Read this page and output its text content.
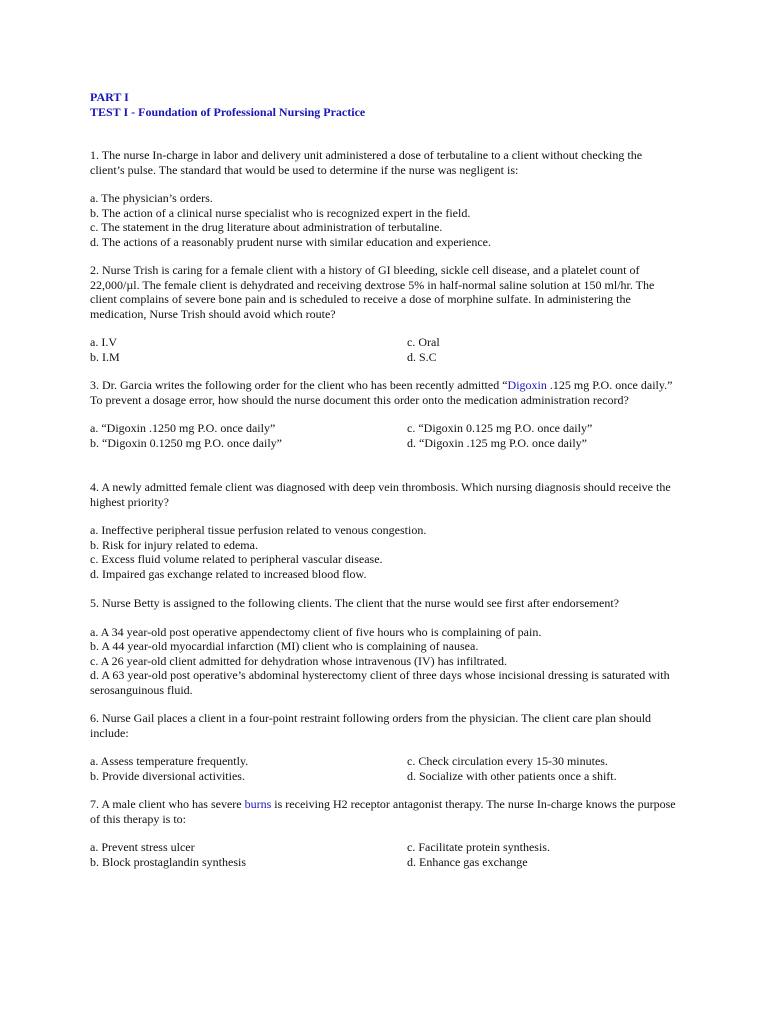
PART I
TEST I - Foundation of Professional Nursing Practice

1. The nurse In-charge in labor and delivery unit administered a dose of terbutaline to a client without checking the client’s pulse. The standard that would be used to determine if the nurse was negligent is:

a. The physician’s orders.
b. The action of a clinical nurse specialist who is recognized expert in the field.
c. The statement in the drug literature about administration of terbutaline.
d. The actions of a reasonably prudent nurse with similar education and experience.

2. Nurse Trish is caring for a female client with a history of GI bleeding, sickle cell disease, and a platelet count of 22,000/µl. The female client is dehydrated and receiving dextrose 5% in half-normal saline solution at 150 ml/hr. The client complains of severe bone pain and is scheduled to receive a dose of morphine sulfate. In administering the medication, Nurse Trish should avoid which route?

a. I.V	c. Oral
b. I.M	d. S.C

3. Dr. Garcia writes the following order for the client who has been recently admitted “Digoxin .125 mg P.O. once daily.” To prevent a dosage error, how should the nurse document this order onto the medication administration record?

a. “Digoxin .1250 mg P.O. once daily”	c. “Digoxin 0.125 mg P.O. once daily”
b. “Digoxin 0.1250 mg P.O. once daily”	d. “Digoxin .125 mg P.O. once daily”

4. A newly admitted female client was diagnosed with deep vein thrombosis. Which nursing diagnosis should receive the highest priority?

a. Ineffective peripheral tissue perfusion related to venous congestion.
b. Risk for injury related to edema.
c. Excess fluid volume related to peripheral vascular disease.
d. Impaired gas exchange related to increased blood flow.

5. Nurse Betty is assigned to the following clients. The client that the nurse would see first after endorsement?

a. A 34 year-old post operative appendectomy client of five hours who is complaining of pain.
b. A 44 year-old myocardial infarction (MI) client who is complaining of nausea.
c. A 26 year-old client admitted for dehydration whose intravenous (IV) has infiltrated.
d. A 63 year-old post operative’s abdominal hysterectomy client of three days whose incisional dressing is saturated with serosanguinous fluid.

6. Nurse Gail places a client in a four-point restraint following orders from the physician. The client care plan should include:

a. Assess temperature frequently.	c. Check circulation every 15-30 minutes.
b. Provide diversional activities.	d. Socialize with other patients once a shift.

7. A male client who has severe burns is receiving H2 receptor antagonist therapy. The nurse In-charge knows the purpose of this therapy is to:

a. Prevent stress ulcer	c. Facilitate protein synthesis.
b. Block prostaglandin synthesis	d. Enhance gas exchange
